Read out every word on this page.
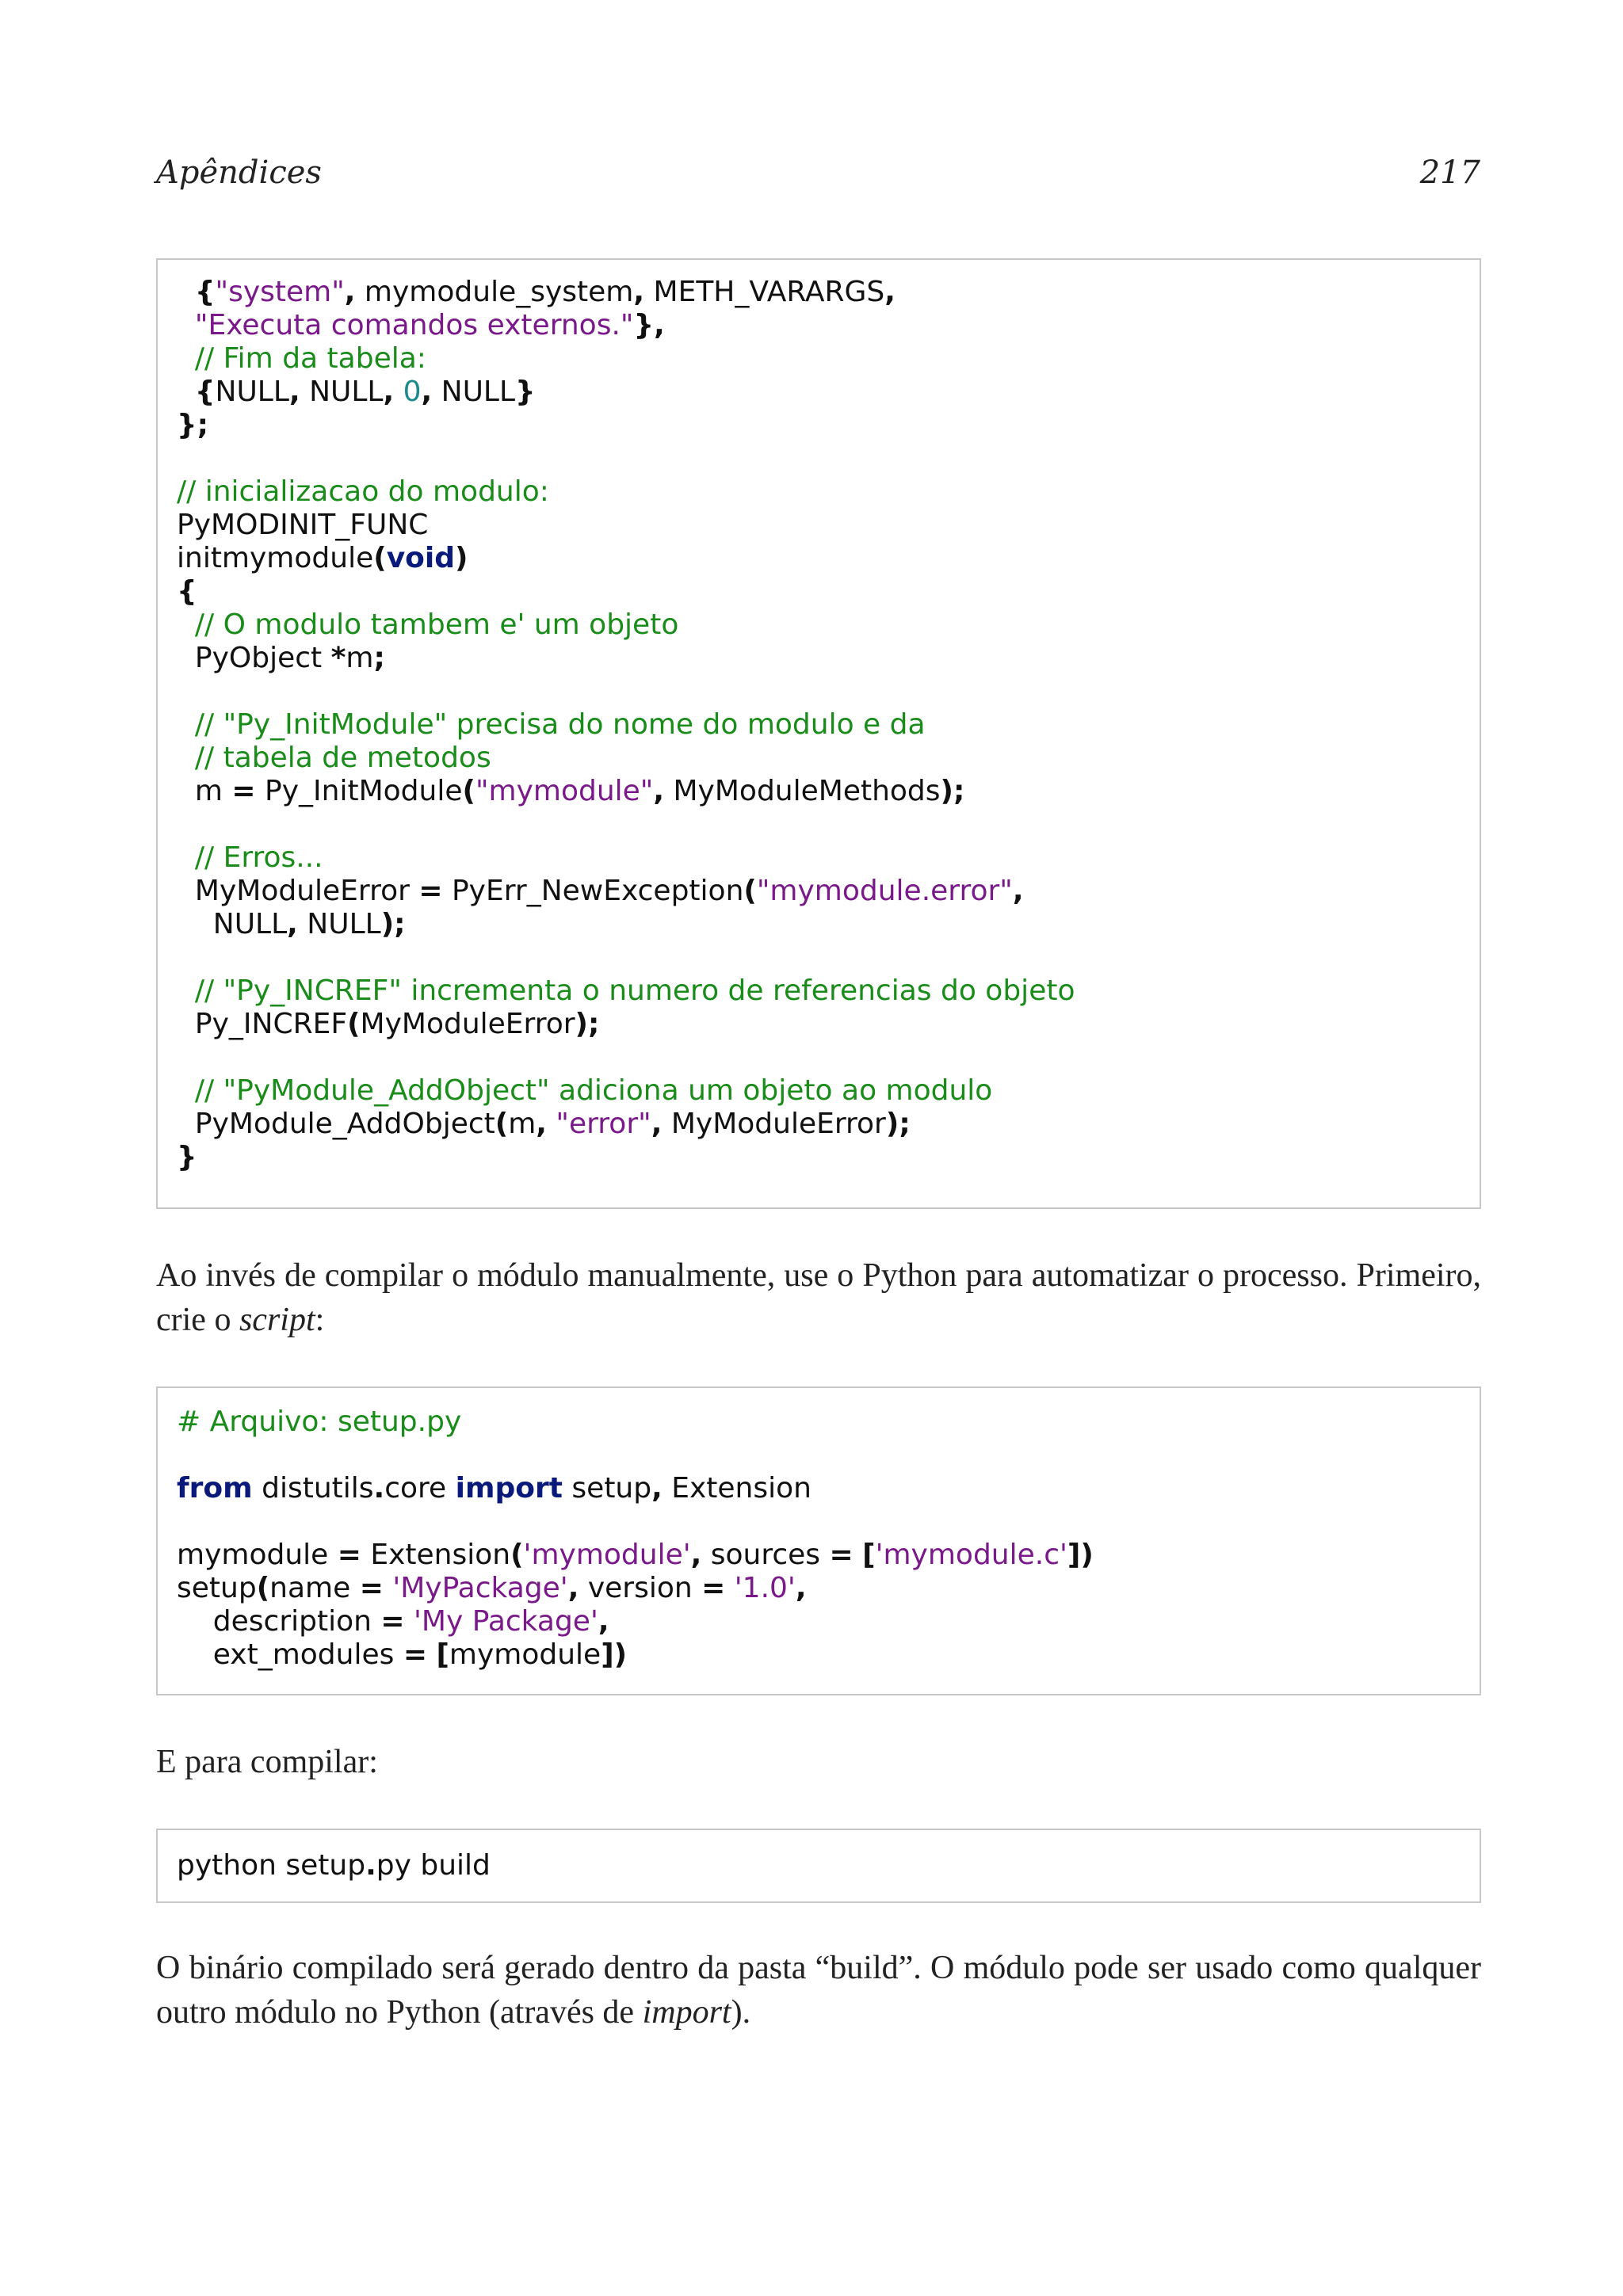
Apêndices	217
{"system", mymodule_system, METH_VARARGS,
"Executa comandos externos."},
// Fim da tabela:
{NULL, NULL, 0, NULL}
};

// inicializacao do modulo:
PyMODINIT_FUNC
initmymodule(void)
{
// O modulo tambem e' um objeto
PyObject *m;

// "Py_InitModule" precisa do nome do modulo e da
// tabela de metodos
m = Py_InitModule("mymodule", MyModuleMethods);

// Erros...
MyModuleError = PyErr_NewException("mymodule.error",
NULL, NULL);

// "Py_INCREF" incrementa o numero de referencias do objeto
Py_INCREF(MyModuleError);

// "PyModule_AddObject" adiciona um objeto ao modulo
PyModule_AddObject(m, "error", MyModuleError);
}
Ao invés de compilar o módulo manualmente, use o Python para automatizar o processo. Primeiro, crie o script:
# Arquivo: setup.py

from distutils.core import setup, Extension

mymodule = Extension('mymodule', sources = ['mymodule.c'])
setup(name = 'MyPackage', version = '1.0',
description = 'My Package',
ext_modules = [mymodule])
E para compilar:
python setup.py build
O binário compilado será gerado dentro da pasta “build”. O módulo pode ser usado como qualquer outro módulo no Python (através de import).
